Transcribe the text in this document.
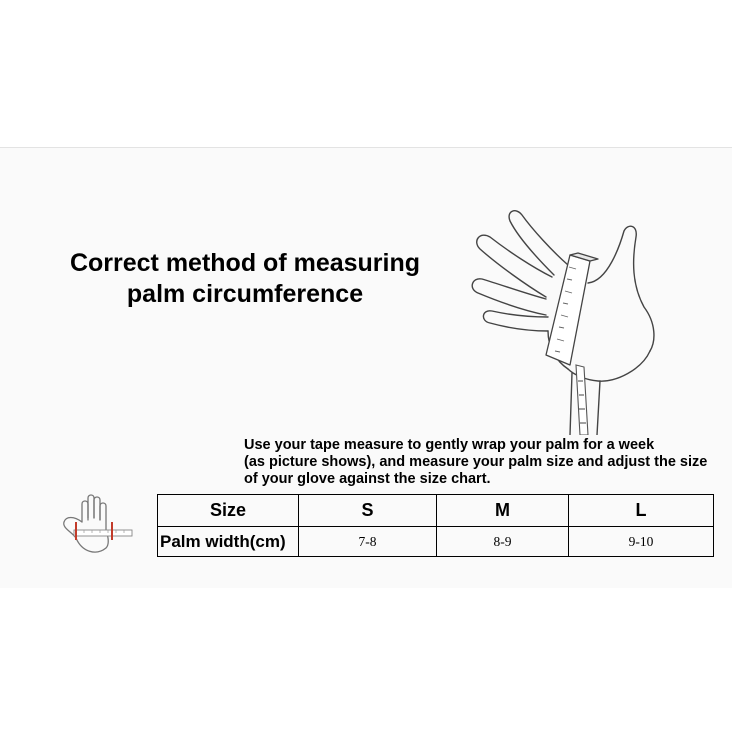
Correct method of measuring
palm circumference
Use your tape measure to gently wrap your palm for a week
(as picture shows), and measure your palm size and adjust the size
of your glove against the size chart.
Size	S	M	L
Palm width(cm)	7-8	8-9	9-10
